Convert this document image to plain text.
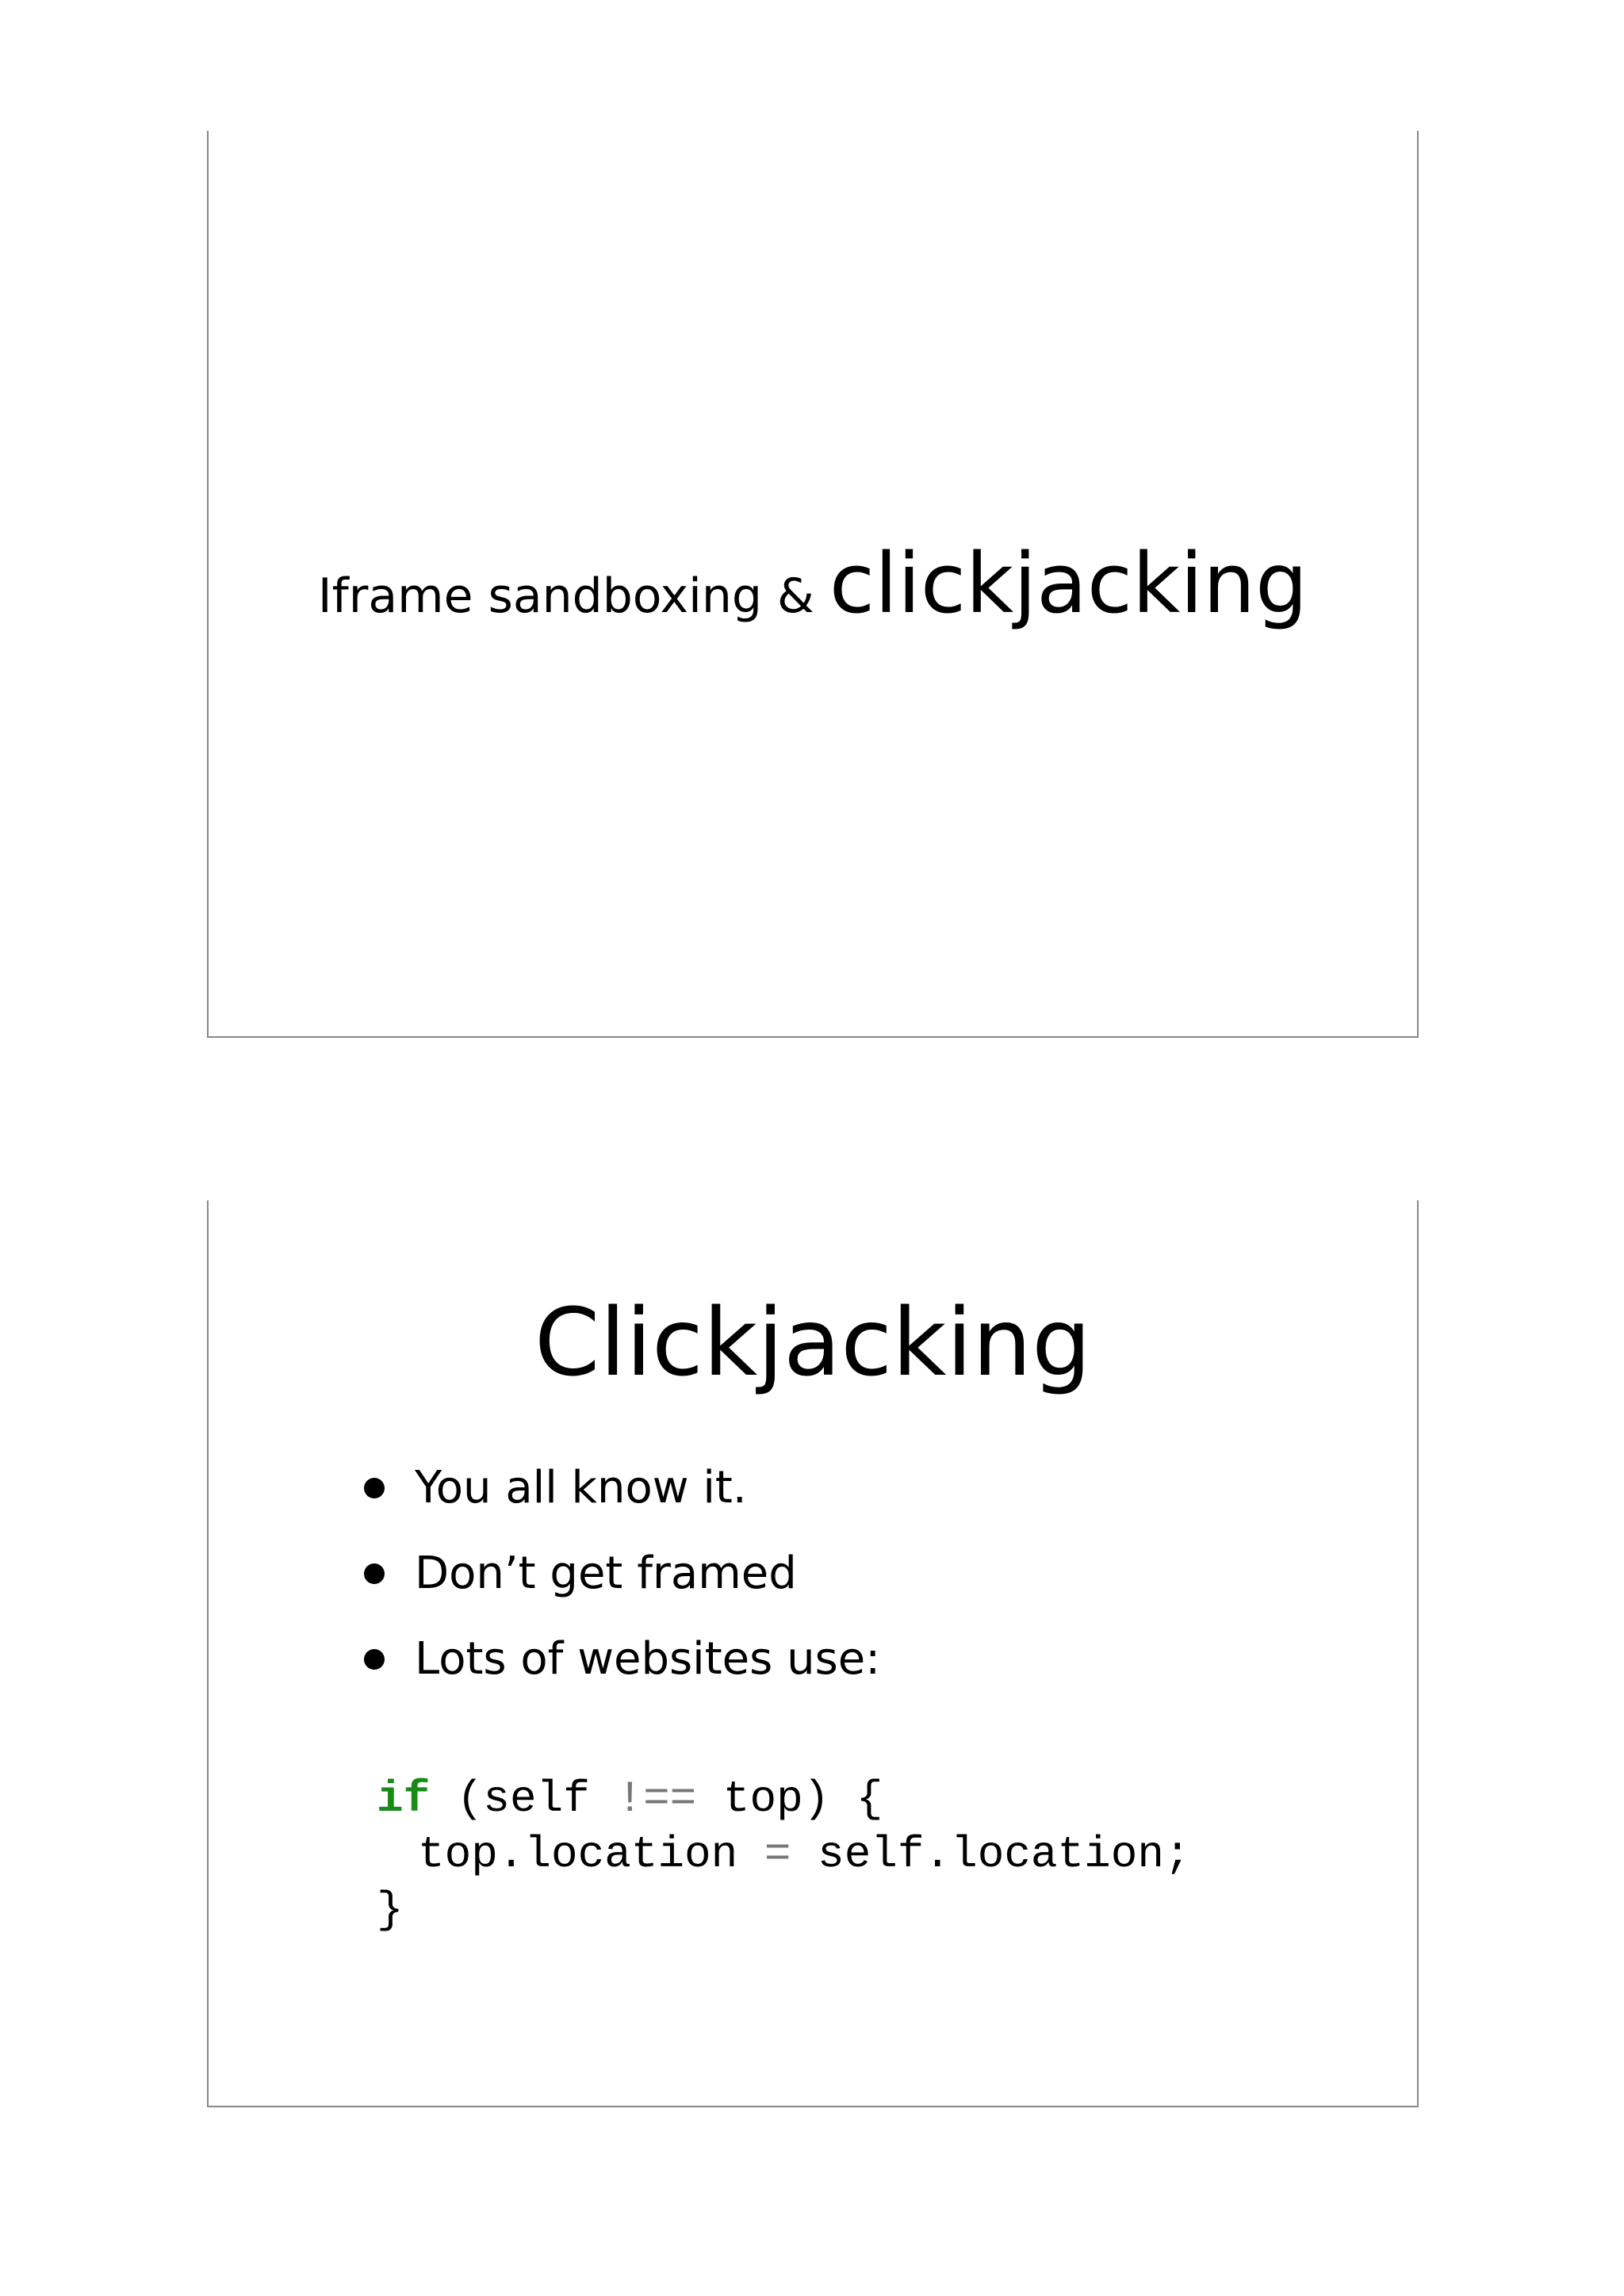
Iframe sandboxing & clickjacking
Clickjacking
You all know it.
Don’t get framed
Lots of websites use:
if (self !== top) {
top.location = self.location;
}
